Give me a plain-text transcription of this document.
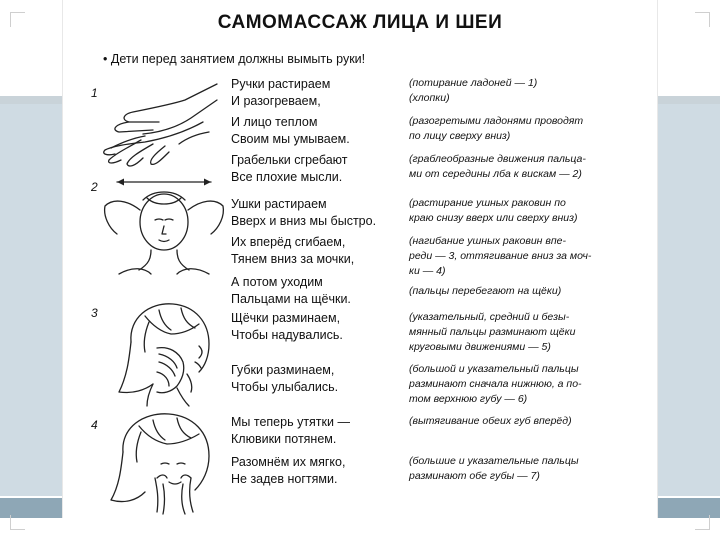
САМОМАССАЖ ЛИЦА И ШЕИ
• Дети перед занятием должны вымыть руки!
1
2
3
4
Ручки растираем
И разогреваем,
(потирание ладоней — 1)
(хлопки)
И лицо теплом
Своим мы умываем.
(разогретыми ладонями проводят
по лицу сверху вниз)
Грабельки сгребают
Все плохие мысли.
(граблеобразные движения пальца-
ми от середины лба к вискам — 2)
Ушки растираем
Вверх и вниз мы быстро.
(растирание ушных раковин по
краю снизу вверх или сверху вниз)
Их вперёд сгибаем,
Тянем вниз за мочки,
(нагибание ушных раковин впе-
реди — 3, оттягивание вниз за моч-
ки — 4)
А потом уходим
Пальцами на щёчки.
(пальцы перебегают на щёки)
Щёчки разминаем,
Чтобы надувались.
(указательный, средний и безы-
мянный пальцы разминают щёки
круговыми движениями — 5)
Губки разминаем,
Чтобы улыбались.
(большой и указательный пальцы
разминают сначала нижнюю, а по-
том верхнюю губу — 6)
Мы теперь утятки —
Клювики потянем.
(вытягивание обеих губ вперёд)
Разомнём их мягко,
Не задев ногтями.
(большие и указательные пальцы
разминают обе губы — 7)
